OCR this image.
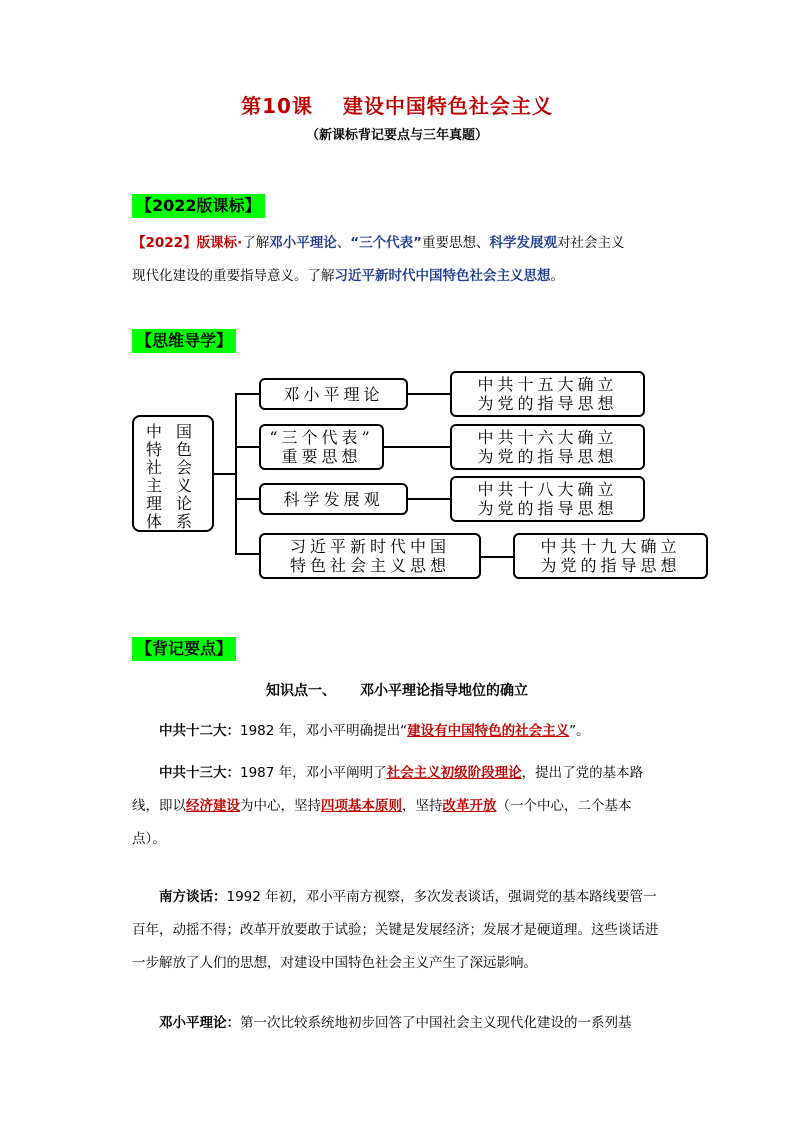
第10课 建设中国特色社会主义
（新课标背记要点与三年真题）
【2022版课标】
【2022】版课标·了解邓小平理论、“三个代表”重要思想、科学发展观对社会主义
现代化建设的重要指导意义。了解习近平新时代中国特色社会主义思想。
【思维导学】
中特社主理体
国色会义论系
邓小平理论
“三个代表”
重要思想
科学发展观
习近平新时代中国
特色社会主义思想
中共十五大确立
为党的指导思想
中共十六大确立
为党的指导思想
中共十八大确立
为党的指导思想
中共十九大确立
为党的指导思想
【背记要点】
知识点一、 邓小平理论指导地位的确立
中共十二大：1982 年，邓小平明确提出“建设有中国特色的社会主义”。
中共十三大：1987 年，邓小平阐明了社会主义初级阶段理论，提出了党的基本路线，即以经济建设为中心，坚持四项基本原则，坚持改革开放（一个中心，二个基本点）。
南方谈话：1992 年初，邓小平南方视察，多次发表谈话，强调党的基本路线要管一百年，动摇不得；改革开放要敢于试验；关键是发展经济；发展才是硬道理。这些谈话进一步解放了人们的思想，对建设中国特色社会主义产生了深远影响。
邓小平理论：第一次比较系统地初步回答了中国社会主义现代化建设的一系列基
